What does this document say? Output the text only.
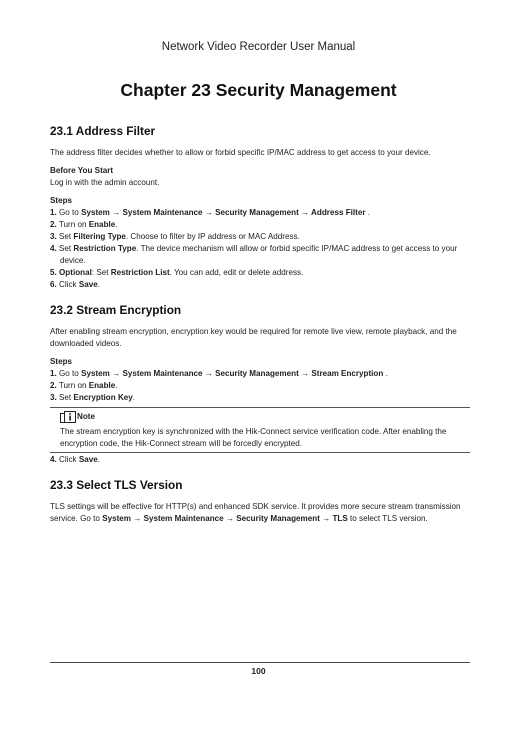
Network Video Recorder User Manual
Chapter 23 Security Management
23.1 Address Filter

The address filter decides whether to allow or forbid specific IP/MAC address to get access to your device.

Before You Start

Log in with the admin account.

Steps
1. Go to System → System Maintenance → Security Management → Address Filter .
2. Turn on Enable.
3. Set Filtering Type. Choose to filter by IP address or MAC Address.
4. Set Restriction Type. The device mechanism will allow or forbid specific IP/MAC address to get access to your device.
5. Optional: Set Restriction List. You can add, edit or delete address.
6. Click Save.
23.2 Stream Encryption

After enabling stream encryption, encryption key would be required for remote live view, remote playback, and the downloaded videos.

Steps
1. Go to System → System Maintenance → Security Management → Stream Encryption .
2. Turn on Enable.
3. Set Encryption Key.
Note
The stream encryption key is synchronized with the Hik-Connect service verification code. After enabling the encryption code, the Hik-Connect stream will be forcedly encrypted.
4. Click Save.
23.3 Select TLS Version

TLS settings will be effective for HTTP(s) and enhanced SDK service. It provides more secure stream transmission service. Go to System → System Maintenance → Security Management → TLS to select TLS version.

100
